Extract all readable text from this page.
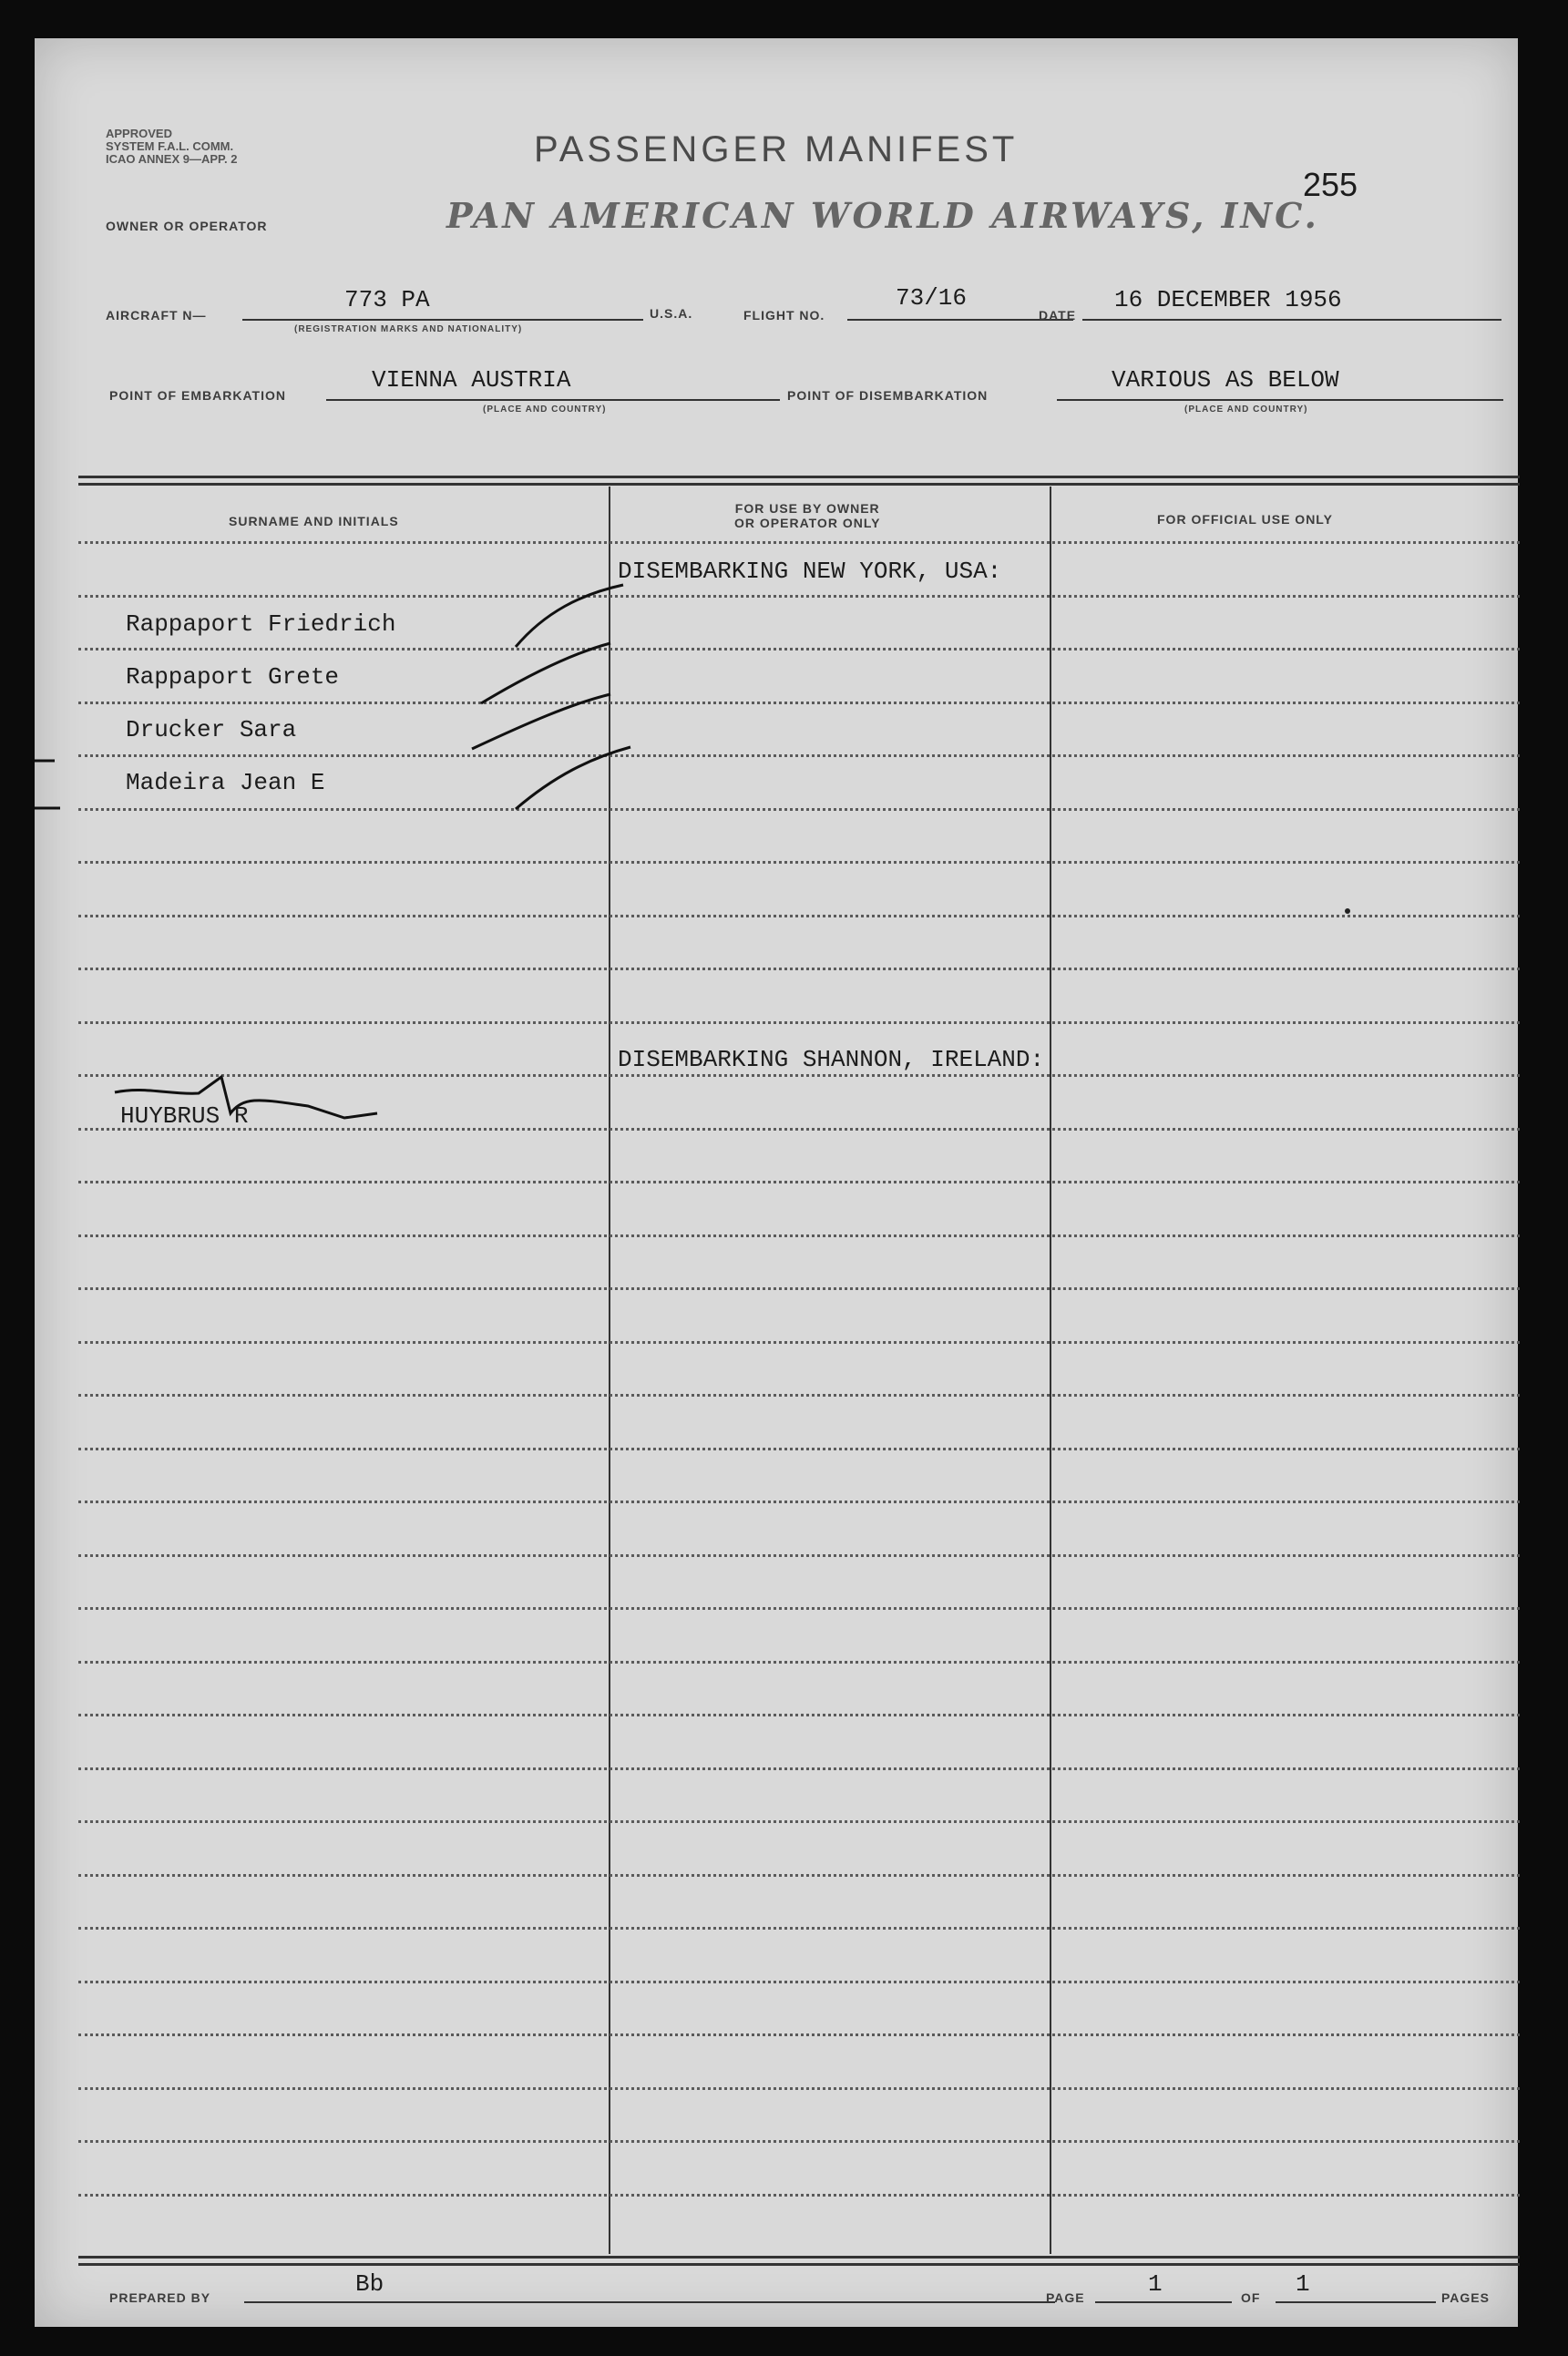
APPROVED
SYSTEM F.A.L. COMM.
ICAO ANNEX 9—APP. 2	PASSENGER MANIFEST
OWNER OR OPERATOR	PAN AMERICAN WORLD AIRWAYS, INC.
255
AIRCRAFT N—
773 PA
(REGISTRATION MARKS AND NATIONALITY)
U.S.A.	FLIGHT NO.
73/16
DATE
16 DECEMBER 1956
POINT OF EMBARKATION
VIENNA AUSTRIA
(PLACE AND COUNTRY)
POINT OF DISEMBARKATION
VARIOUS AS BELOW
(PLACE AND COUNTRY)
SURNAME AND INITIALS
FOR USE BY OWNER
OR OPERATOR ONLY	FOR OFFICIAL USE ONLY
DISEMBARKING NEW YORK, USA:
Rappaport Friedrich
Rappaport Grete
Drucker Sara
Madeira Jean E
DISEMBARKING SHANNON, IRELAND:
HUYBRUS R
PREPARED BY	Bb	PAGE	1	OF 1	PAGES
